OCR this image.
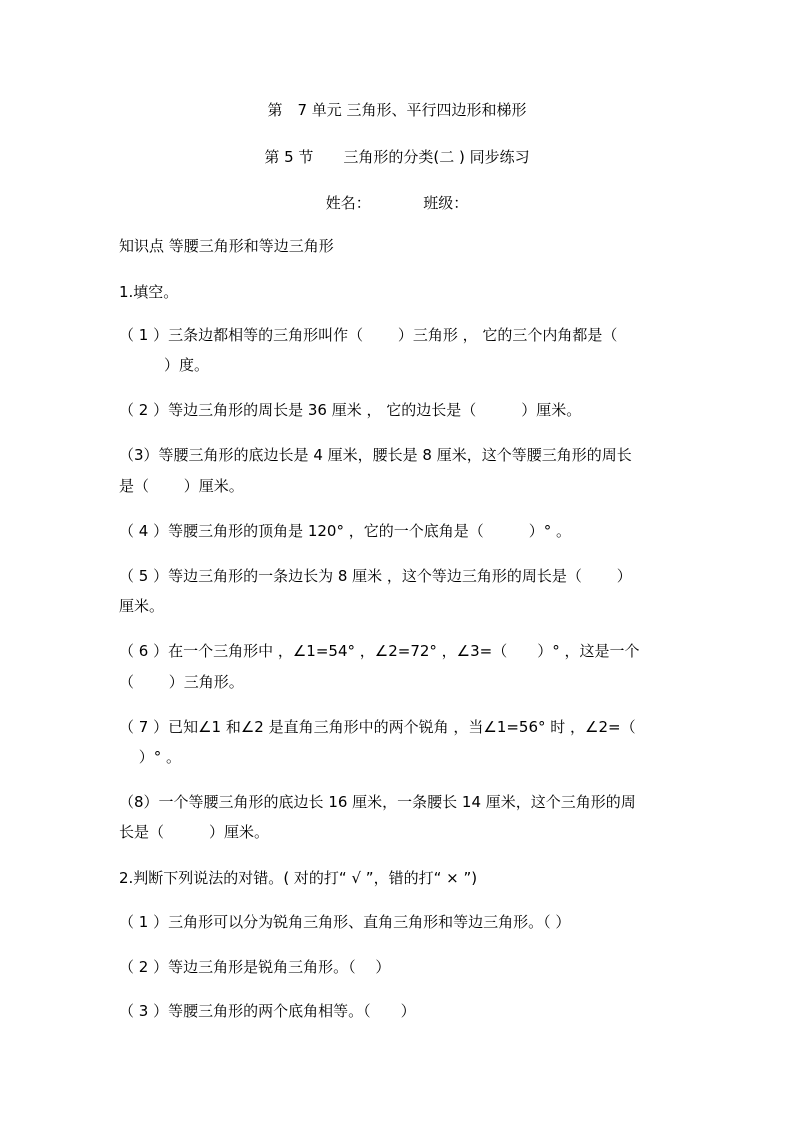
第　7 单元 三角形、平行四边形和梯形
第 5 节　　三角形的分类(二 ) 同步练习
姓名：　　　　班级：
知识点 等腰三角形和等边三角形
1.填空。
（ 1 ）三条边都相等的三角形叫作（　　 ）三角形 ， 它的三个内角都是（
　　　）度。
（ 2 ）等边三角形的周长是 36 厘米 ， 它的边长是（　　　）厘米。
（3）等腰三角形的底边长是 4 厘米，腰长是 8 厘米，这个等腰三角形的周长
是（　　 ）厘米。
（ 4 ）等腰三角形的顶角是 120° ，它的一个底角是（　　　）° 。
（ 5 ）等边三角形的一条边长为 8 厘米 ，这个等边三角形的周长是（　　 ）
厘米。
（ 6 ）在一个三角形中 ，∠1=54° ，∠2=72° ，∠3=（　　）° ，这是一个
（　　 ）三角形。
（ 7 ）已知∠1 和∠2 是直角三角形中的两个锐角 ，当∠1=56° 时 ，∠2=（
　 ）° 。
（8）一个等腰三角形的底边长 16 厘米，一条腰长 14 厘米，这个三角形的周
长是（　　　）厘米。
2.判断下列说法的对错。( 对的打“ √ ”，错的打“ × ”)
（ 1 ）三角形可以分为锐角三角形、直角三角形和等边三角形。（ ）
（ 2 ）等边三角形是锐角三角形。（　 ）
（ 3 ）等腰三角形的两个底角相等。（　　）
